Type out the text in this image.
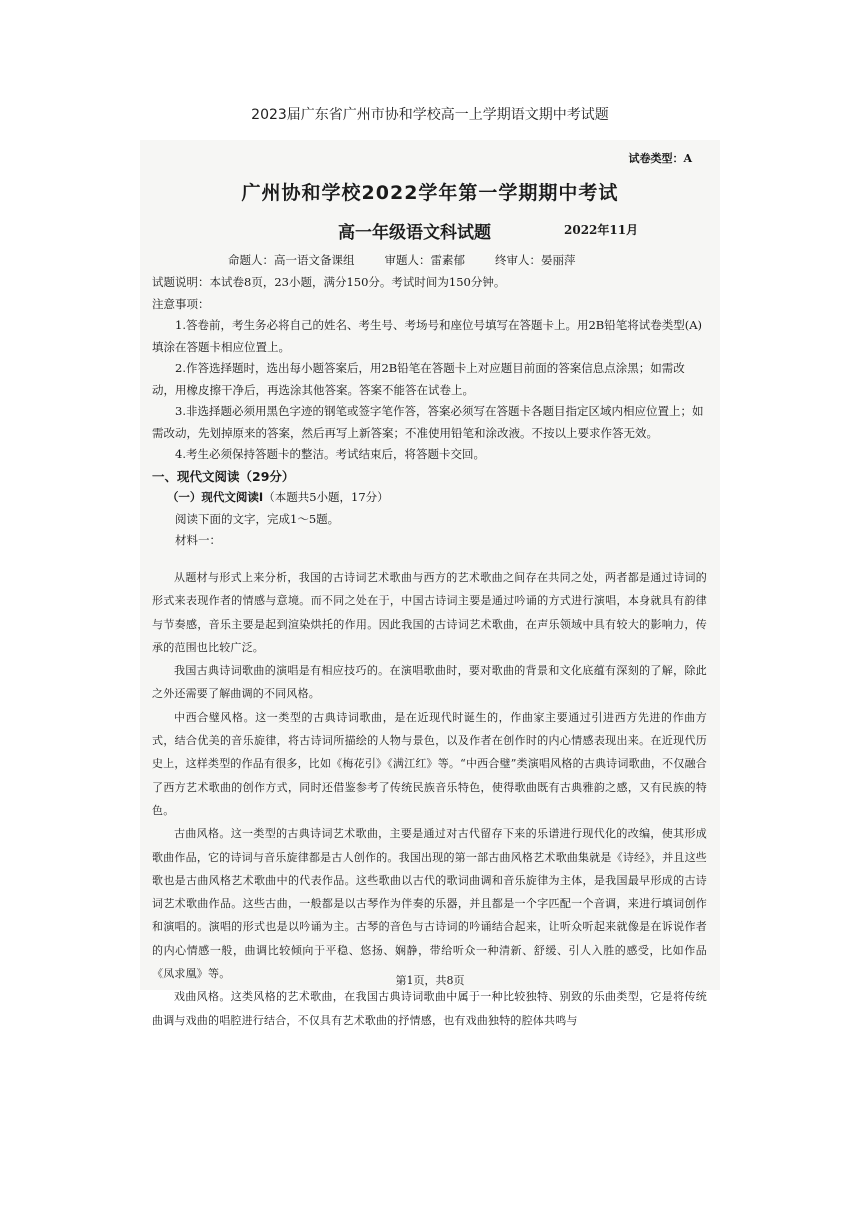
2023届广东省广州市协和学校高一上学期语文期中考试题
试卷类型：A
广州协和学校2022学年第一学期期中考试
高一年级语文科试题	2022年11月
命题人：高一语文备课组	审题人：雷素郁	终审人：晏丽萍

试题说明：本试卷8页，23小题，满分150分。考试时间为150分钟。

注意事项：

1.答卷前，考生务必将自己的姓名、考生号、考场号和座位号填写在答题卡上。用2B铅笔将试卷类型(A)填涂在答题卡相应位置上。

2.作答选择题时，选出每小题答案后，用2B铅笔在答题卡上对应题目前面的答案信息点涂黑；如需改动，用橡皮擦干净后，再选涂其他答案。答案不能答在试卷上。

3.非选择题必须用黑色字迹的钢笔或签字笔作答，答案必须写在答题卡各题目指定区域内相应位置上；如需改动，先划掉原来的答案，然后再写上新答案；不准使用铅笔和涂改液。不按以上要求作答无效。

4.考生必须保持答题卡的整洁。考试结束后，将答题卡交回。

一、现代文阅读（29分）

（一）现代文阅读Ⅰ（本题共5小题，17分）

阅读下面的文字，完成1～5题。

材料一：

从题材与形式上来分析，我国的古诗词艺术歌曲与西方的艺术歌曲之间存在共同之处，两者都是通过诗词的形式来表现作者的情感与意境。而不同之处在于，中国古诗词主要是通过吟诵的方式进行演唱，本身就具有韵律与节奏感，音乐主要是起到渲染烘托的作用。因此我国的古诗词艺术歌曲，在声乐领域中具有较大的影响力，传承的范围也比较广泛。

我国古典诗词歌曲的演唱是有相应技巧的。在演唱歌曲时，要对歌曲的背景和文化底蕴有深刻的了解，除此之外还需要了解曲调的不同风格。

中西合璧风格。这一类型的古典诗词歌曲，是在近现代时诞生的，作曲家主要通过引进西方先进的作曲方式，结合优美的音乐旋律，将古诗词所描绘的人物与景色，以及作者在创作时的内心情感表现出来。在近现代历史上，这样类型的作品有很多，比如《梅花引》《满江红》等。“中西合璧”类演唱风格的古典诗词歌曲，不仅融合了西方艺术歌曲的创作方式，同时还借鉴参考了传统民族音乐特色，使得歌曲既有古典雅韵之感，又有民族的特色。

古曲风格。这一类型的古典诗词艺术歌曲，主要是通过对古代留存下来的乐谱进行现代化的改编，使其形成歌曲作品，它的诗词与音乐旋律都是古人创作的。我国出现的第一部古曲风格艺术歌曲集就是《诗经》，并且这些歌也是古曲风格艺术歌曲中的代表作品。这些歌曲以古代的歌词曲调和音乐旋律为主体，是我国最早形成的古诗词艺术歌曲作品。这些古曲，一般都是以古琴作为伴奏的乐器，并且都是一个字匹配一个音调，来进行填词创作和演唱的。演唱的形式也是以吟诵为主。古琴的音色与古诗词的吟诵结合起来，让听众听起来就像是在诉说作者的内心情感一般，曲调比较倾向于平稳、悠扬、娴静，带给听众一种清新、舒缓、引人入胜的感受，比如作品《凤求凰》等。

戏曲风格。这类风格的艺术歌曲，在我国古典诗词歌曲中属于一种比较独特、别致的乐曲类型，它是将传统曲调与戏曲的唱腔进行结合，不仅具有艺术歌曲的抒情感，也有戏曲独特的腔体共鸣与

第1页，共8页
